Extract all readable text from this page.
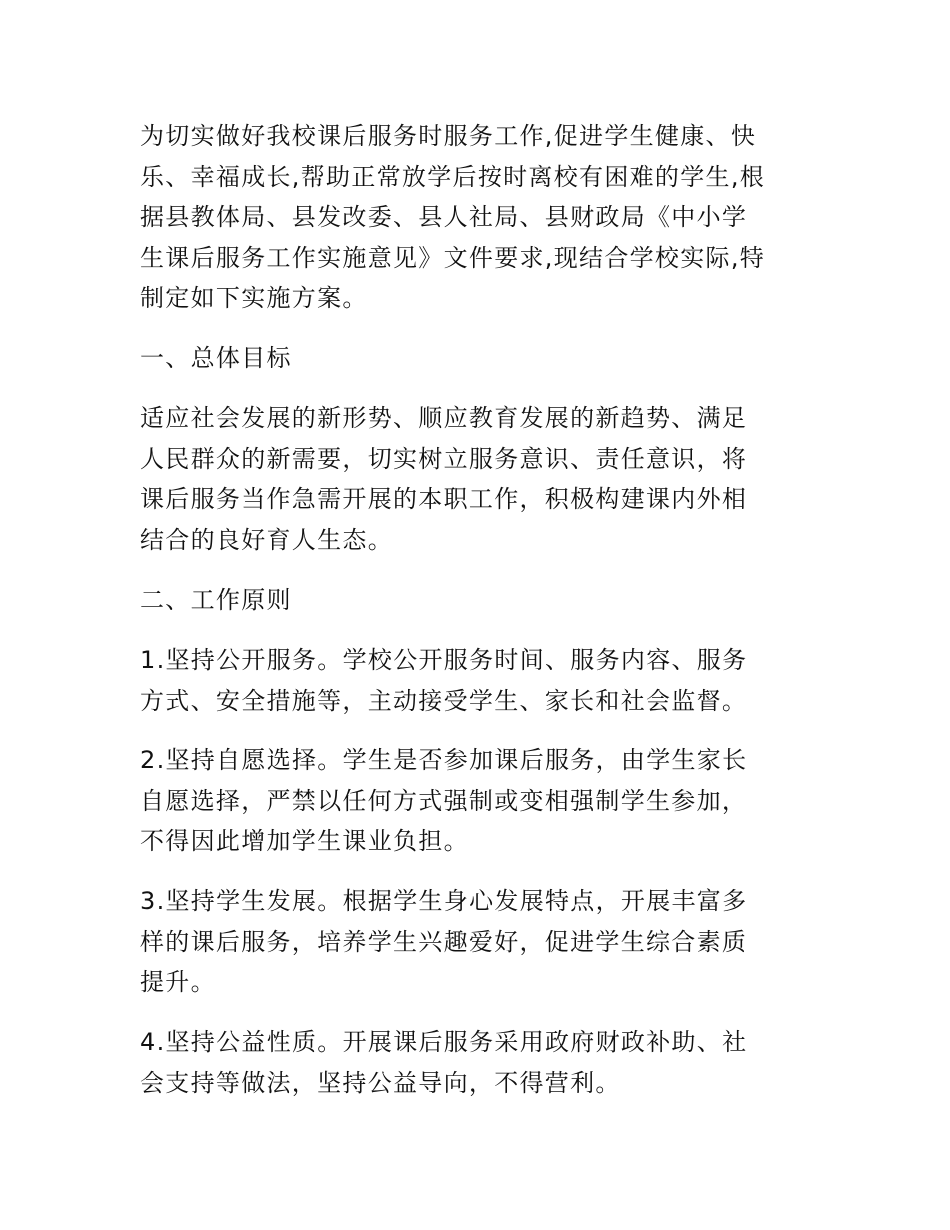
为切实做好我校课后服务时服务工作,促进学生健康、快
乐、幸福成长,帮助正常放学后按时离校有困难的学生,根
据县教体局、县发改委、县人社局、县财政局《中小学
生课后服务工作实施意见》文件要求,现结合学校实际,特
制定如下实施方案。

一、总体目标

适应社会发展的新形势、顺应教育发展的新趋势、满足
人民群众的新需要，切实树立服务意识、责任意识，将
课后服务当作急需开展的本职工作，积极构建课内外相
结合的良好育人生态。

二、工作原则

1.坚持公开服务。学校公开服务时间、服务内容、服务
方式、安全措施等，主动接受学生、家长和社会监督。

2.坚持自愿选择。学生是否参加课后服务，由学生家长
自愿选择，严禁以任何方式强制或变相强制学生参加，
不得因此增加学生课业负担。

3.坚持学生发展。根据学生身心发展特点，开展丰富多
样的课后服务，培养学生兴趣爱好，促进学生综合素质
提升。

4.坚持公益性质。开展课后服务采用政府财政补助、社
会支持等做法，坚持公益导向，不得营利。
